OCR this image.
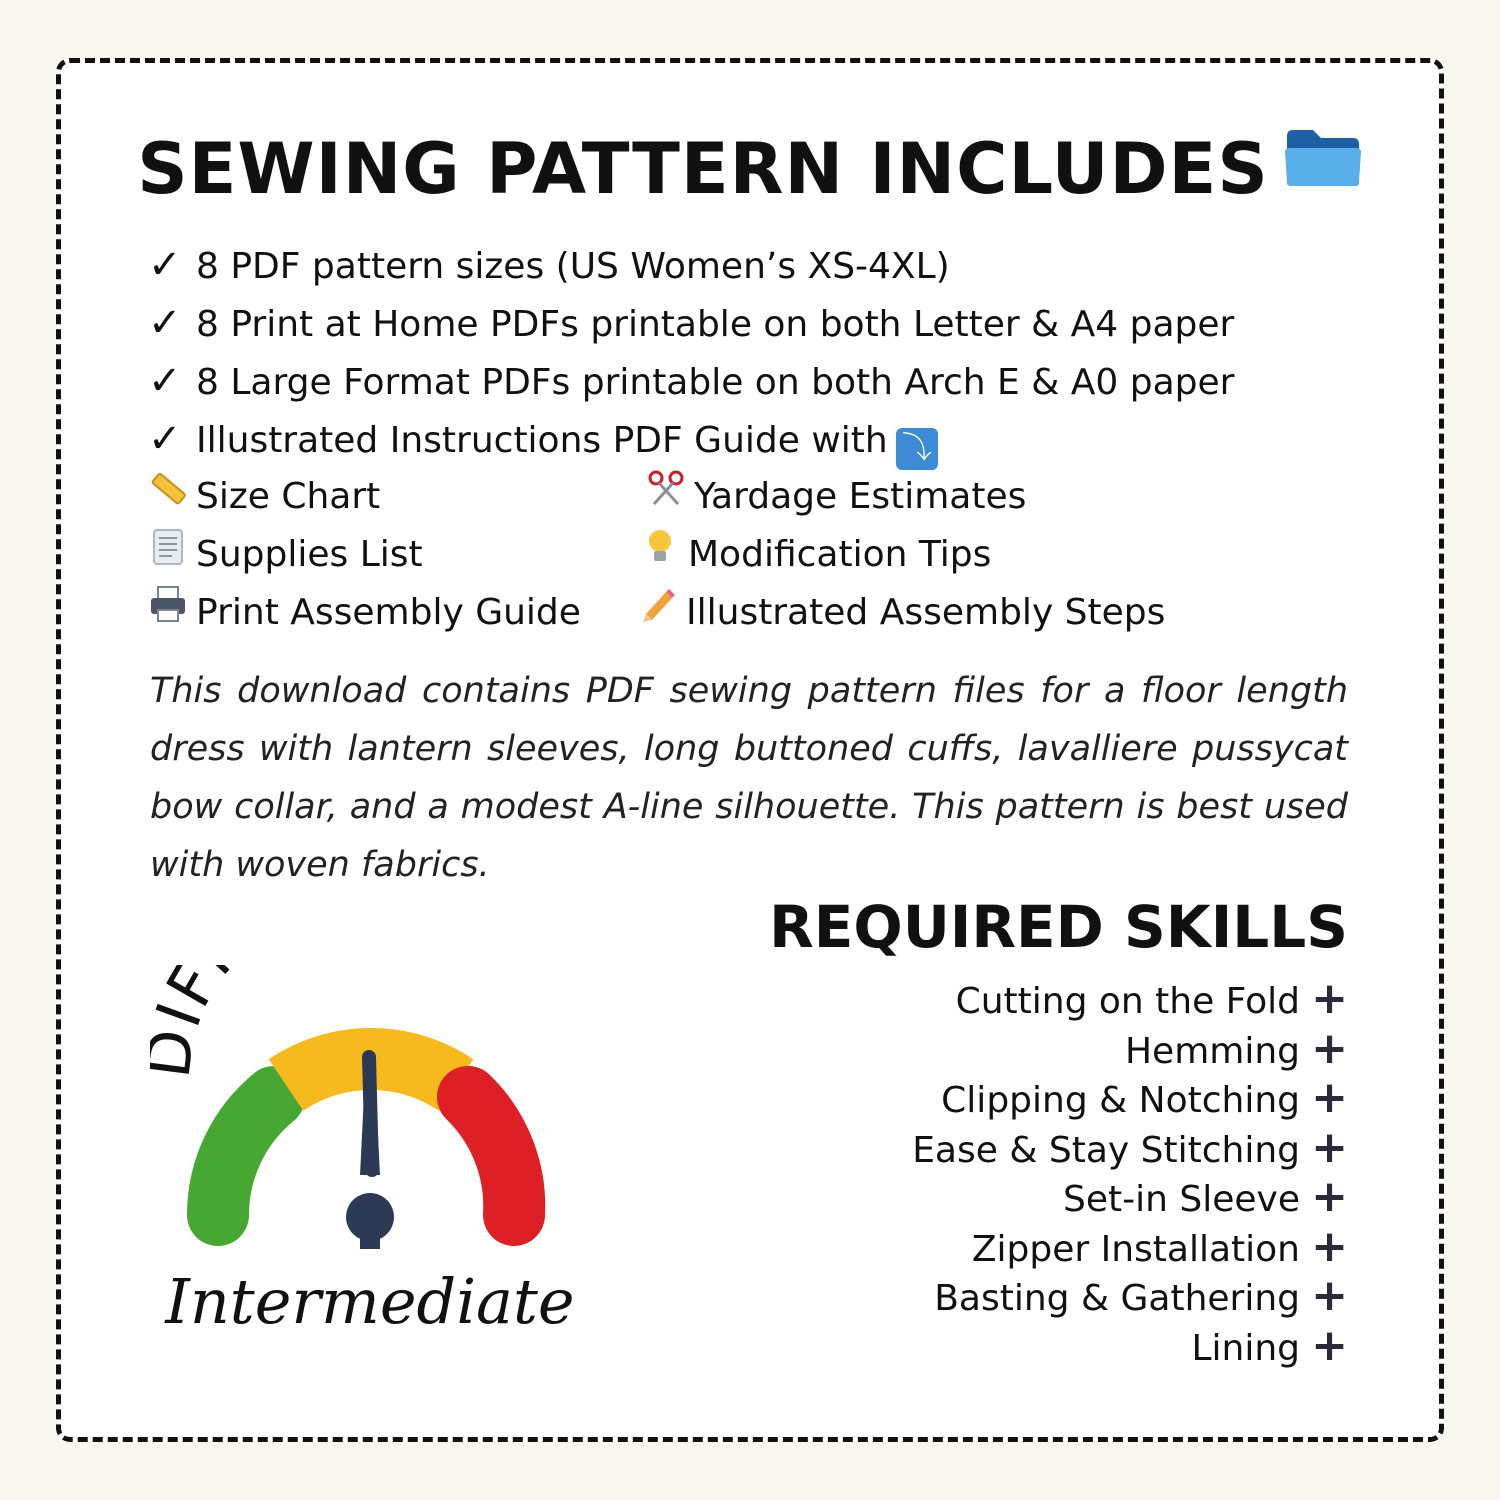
SEWING PATTERN INCLUDES
✓ 8 PDF pattern sizes (US Women’s XS-4XL)
✓ 8 Print at Home PDFs printable on both Letter & A4 paper
✓ 8 Large Format PDFs printable on both Arch E & A0 paper
✓ Illustrated Instructions PDF Guide with ⤵
Size Chart	Yardage Estimates
Supplies List	Modification Tips
Print Assembly Guide	Illustrated Assembly Steps
This download contains PDF sewing pattern files for a floor length dress with lantern sleeves, long buttoned cuffs, lavalliere pussycat bow collar, and a modest A-line silhouette. This pattern is best used with woven fabrics.
REQUIRED SKILLS
Cutting on the Fold +
Hemming +
Clipping & Notching +
Ease & Stay Stitching +
Set-in Sleeve +
Zipper Installation +
Basting & Gathering +
Lining +
F
Intermediate
